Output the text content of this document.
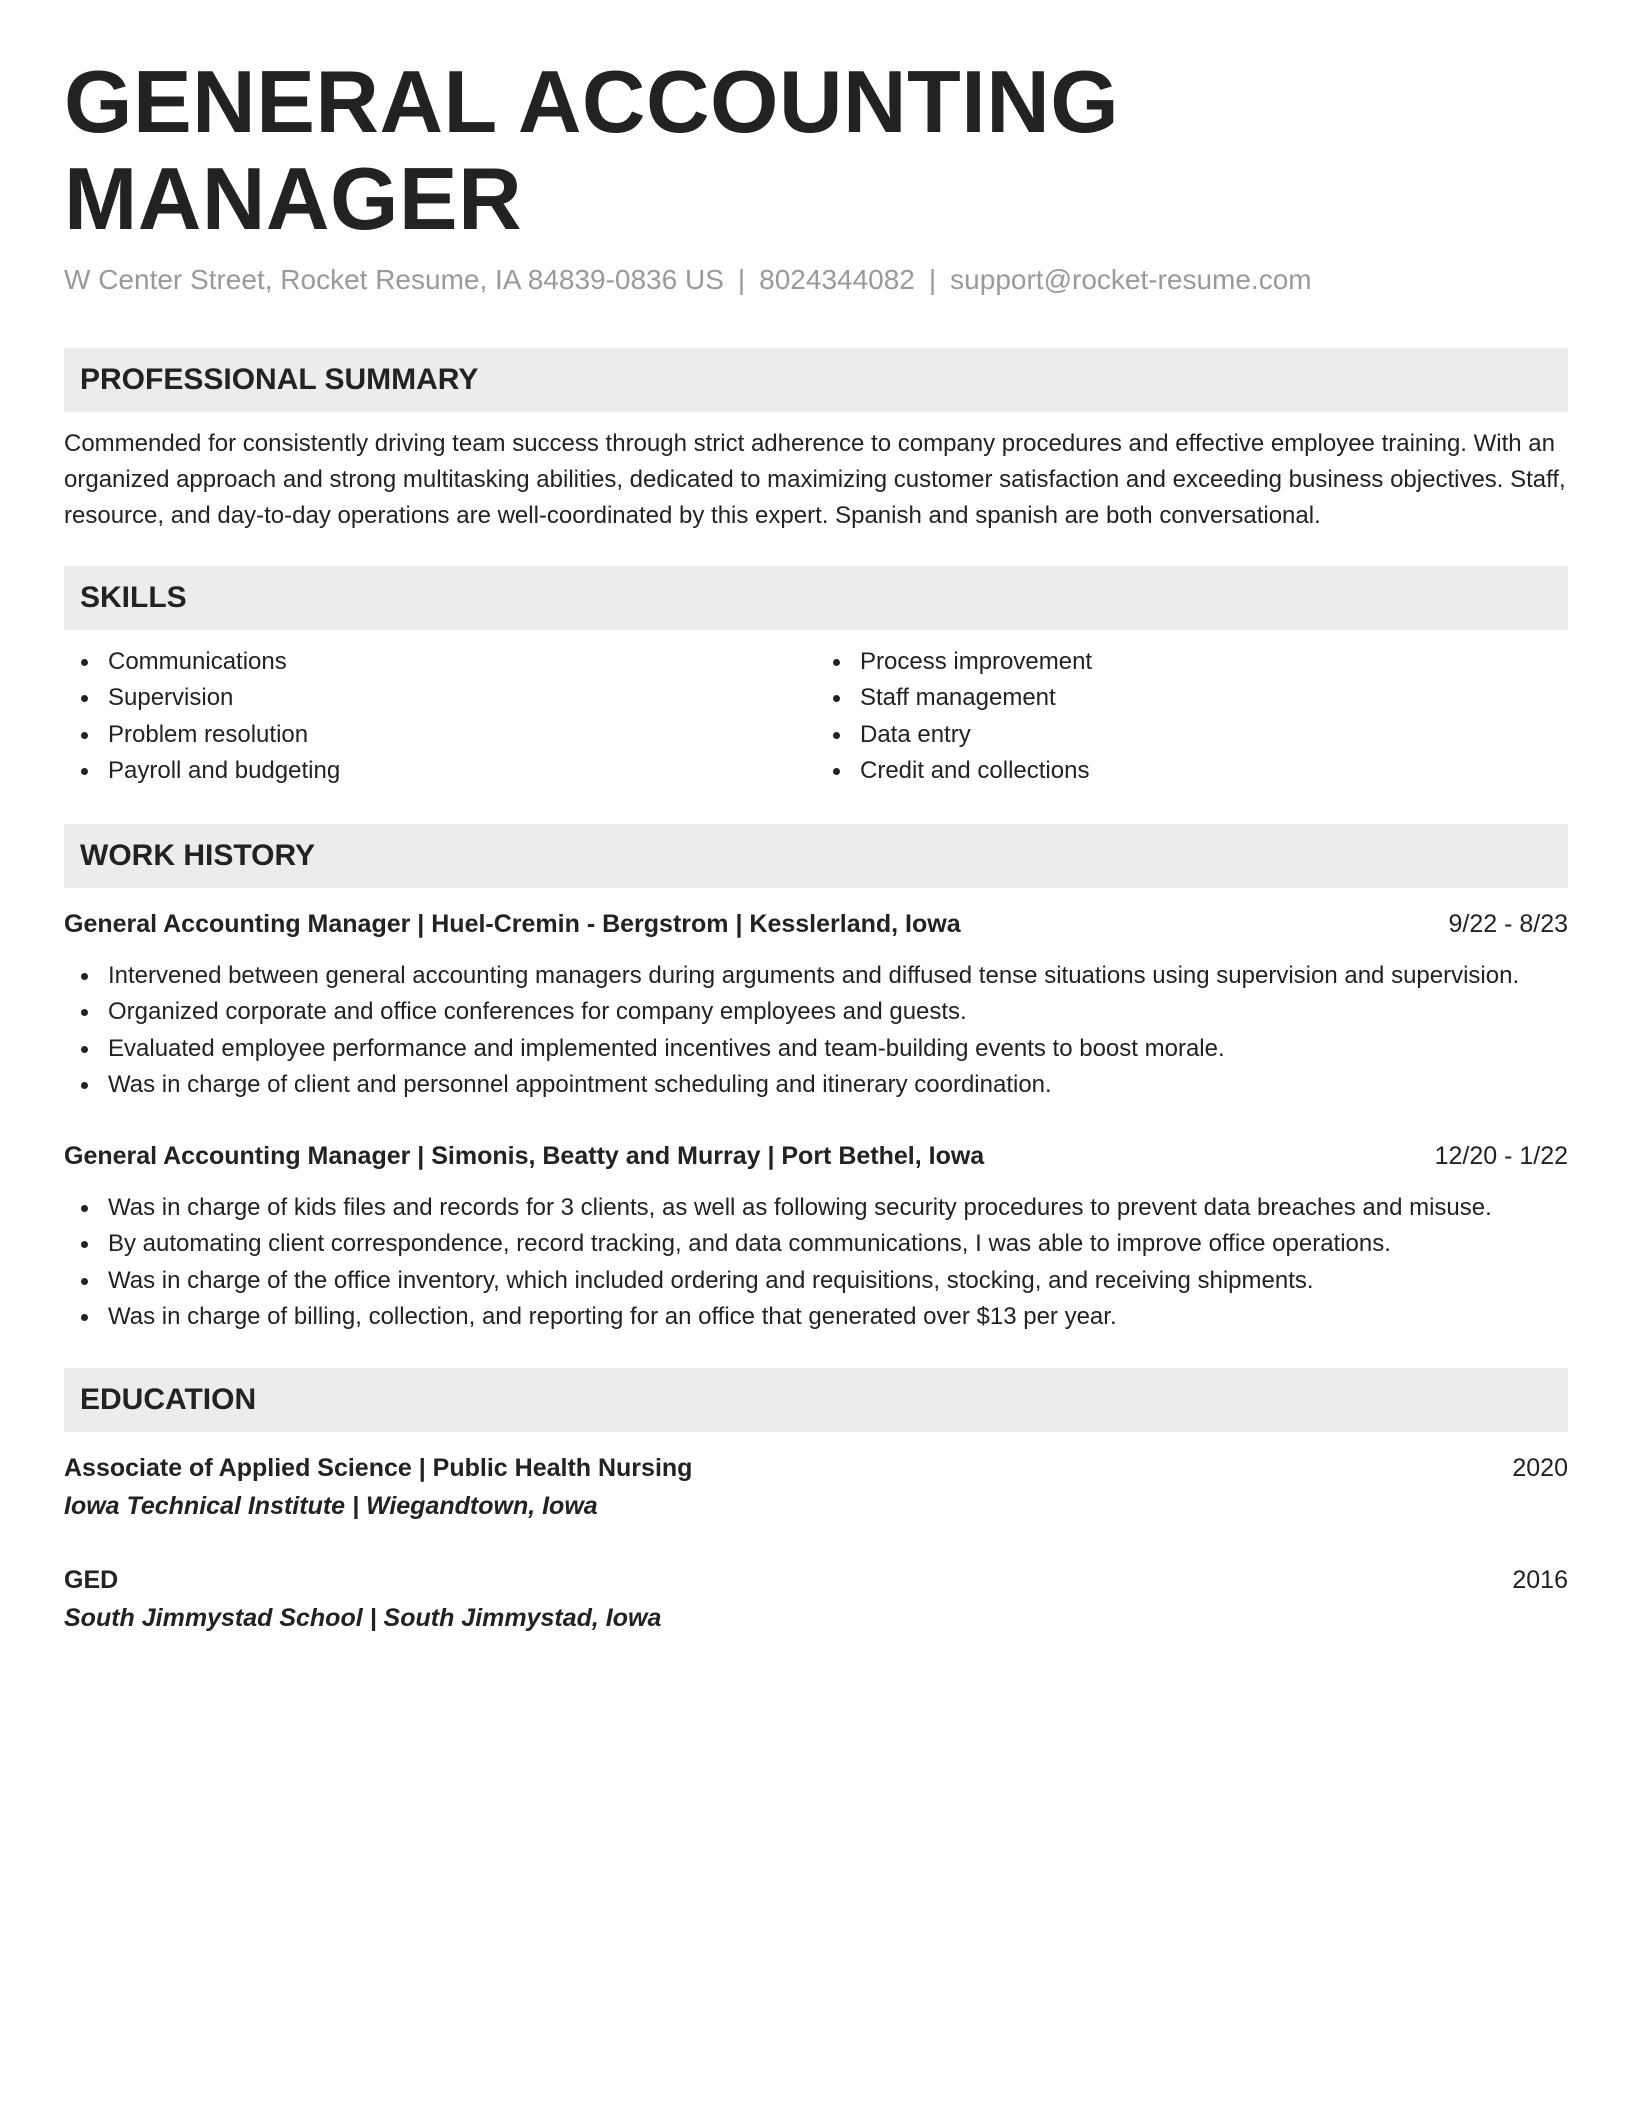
GENERAL ACCOUNTING MANAGER
W Center Street, Rocket Resume, IA 84839-0836 US | 8024344082 | support@rocket-resume.com
PROFESSIONAL SUMMARY

Commended for consistently driving team success through strict adherence to company procedures and effective employee training. With an organized approach and strong multitasking abilities, dedicated to maximizing customer satisfaction and exceeding business objectives. Staff, resource, and day-to-day operations are well-coordinated by this expert. Spanish and spanish are both conversational.

SKILLS
Communications
Supervision
Problem resolution
Payroll and budgeting
Process improvement
Staff management
Data entry
Credit and collections
WORK HISTORY
General Accounting Manager | Huel-Cremin - Bergstrom | Kesslerland, Iowa	9/22 - 8/23
Intervened between general accounting managers during arguments and diffused tense situations using supervision and supervision.
Organized corporate and office conferences for company employees and guests.
Evaluated employee performance and implemented incentives and team-building events to boost morale.
Was in charge of client and personnel appointment scheduling and itinerary coordination.
General Accounting Manager | Simonis, Beatty and Murray | Port Bethel, Iowa	12/20 - 1/22
Was in charge of kids files and records for 3 clients, as well as following security procedures to prevent data breaches and misuse.
By automating client correspondence, record tracking, and data communications, I was able to improve office operations.
Was in charge of the office inventory, which included ordering and requisitions, stocking, and receiving shipments.
Was in charge of billing, collection, and reporting for an office that generated over $13 per year.
EDUCATION
Associate of Applied Science | Public Health Nursing	2020
Iowa Technical Institute | Wiegandtown, Iowa
GED	2016
South Jimmystad School | South Jimmystad, Iowa
